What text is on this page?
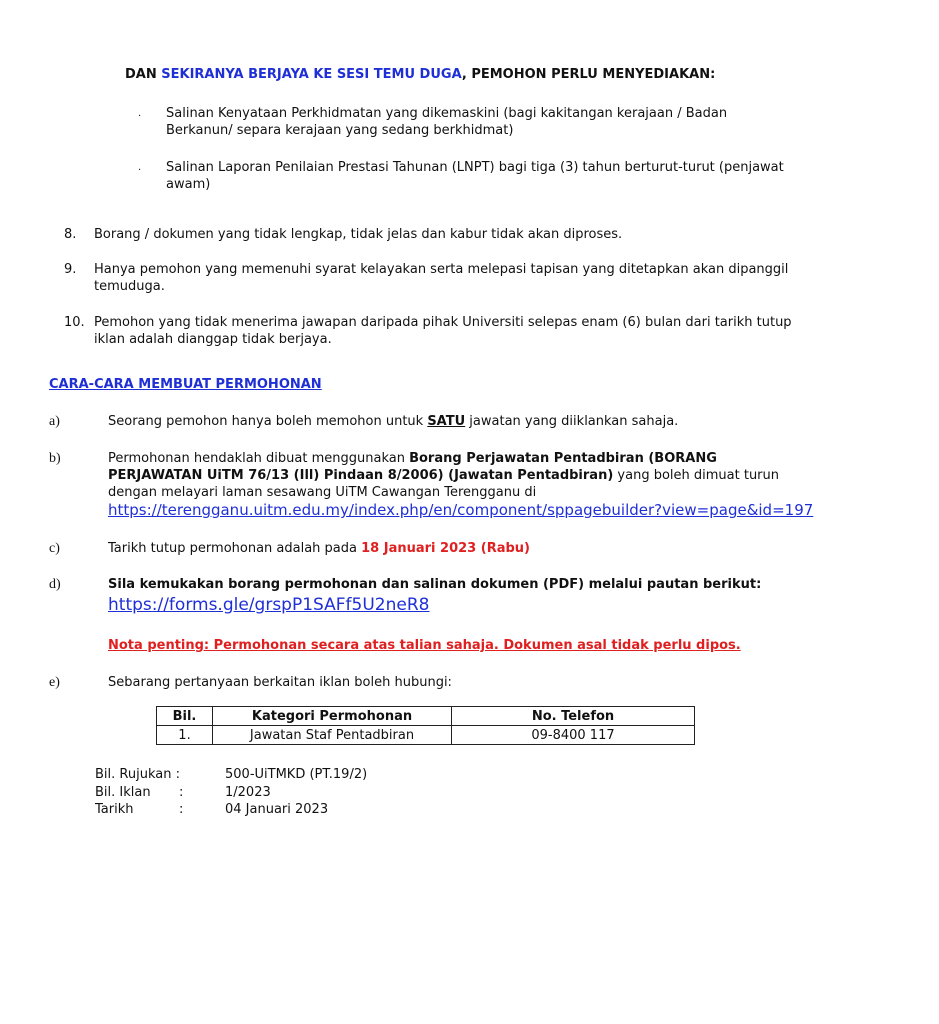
DAN SEKIRANYA BERJAYA KE SESI TEMU DUGA, PEMOHON PERLU MENYEDIAKAN:
· Salinan Kenyataan Perkhidmatan yang dikemaskini (bagi kakitangan kerajaan / Badan
Berkanun/ separa kerajaan yang sedang berkhidmat)
· Salinan Laporan Penilaian Prestasi Tahunan (LNPT) bagi tiga (3) tahun berturut-turut (penjawat
awam)
8. Borang / dokumen yang tidak lengkap, tidak jelas dan kabur tidak akan diproses.
9. Hanya pemohon yang memenuhi syarat kelayakan serta melepasi tapisan yang ditetapkan akan dipanggil
temuduga.
10. Pemohon yang tidak menerima jawapan daripada pihak Universiti selepas enam (6) bulan dari tarikh tutup
iklan adalah dianggap tidak berjaya.
CARA-CARA MEMBUAT PERMOHONAN
a)	Seorang pemohon hanya boleh memohon untuk SATU jawatan yang diiklankan sahaja.
b)	Permohonan hendaklah dibuat menggunakan Borang Perjawatan Pentadbiran (BORANG
PERJAWATAN UiTM 76/13 (Ill) Pindaan 8/2006) (Jawatan Pentadbiran) yang boleh dimuat turun
dengan melayari laman sesawang UiTM Cawangan Terengganu di
https://terengganu.uitm.edu.my/index.php/en/component/sppagebuilder?view=page&id=197
c)	Tarikh tutup permohonan adalah pada 18 Januari 2023 (Rabu)
d)	Sila kemukakan borang permohonan dan salinan dokumen (PDF) melalui pautan berikut:
https://forms.gle/grspP1SAFf5U2neR8
Nota penting: Permohonan secara atas talian sahaja. Dokumen asal tidak perlu dipos.
e)	Sebarang pertanyaan berkaitan iklan boleh hubungi:
Bil.	Kategori Permohonan	No. Telefon
1.	Jawatan Staf Pentadbiran	09-8400 117
Bil. Rujukan :	500-UiTMKD (PT.19/2)
Bil. Iklan :	1/2023
Tarikh	:	04 Januari 2023
